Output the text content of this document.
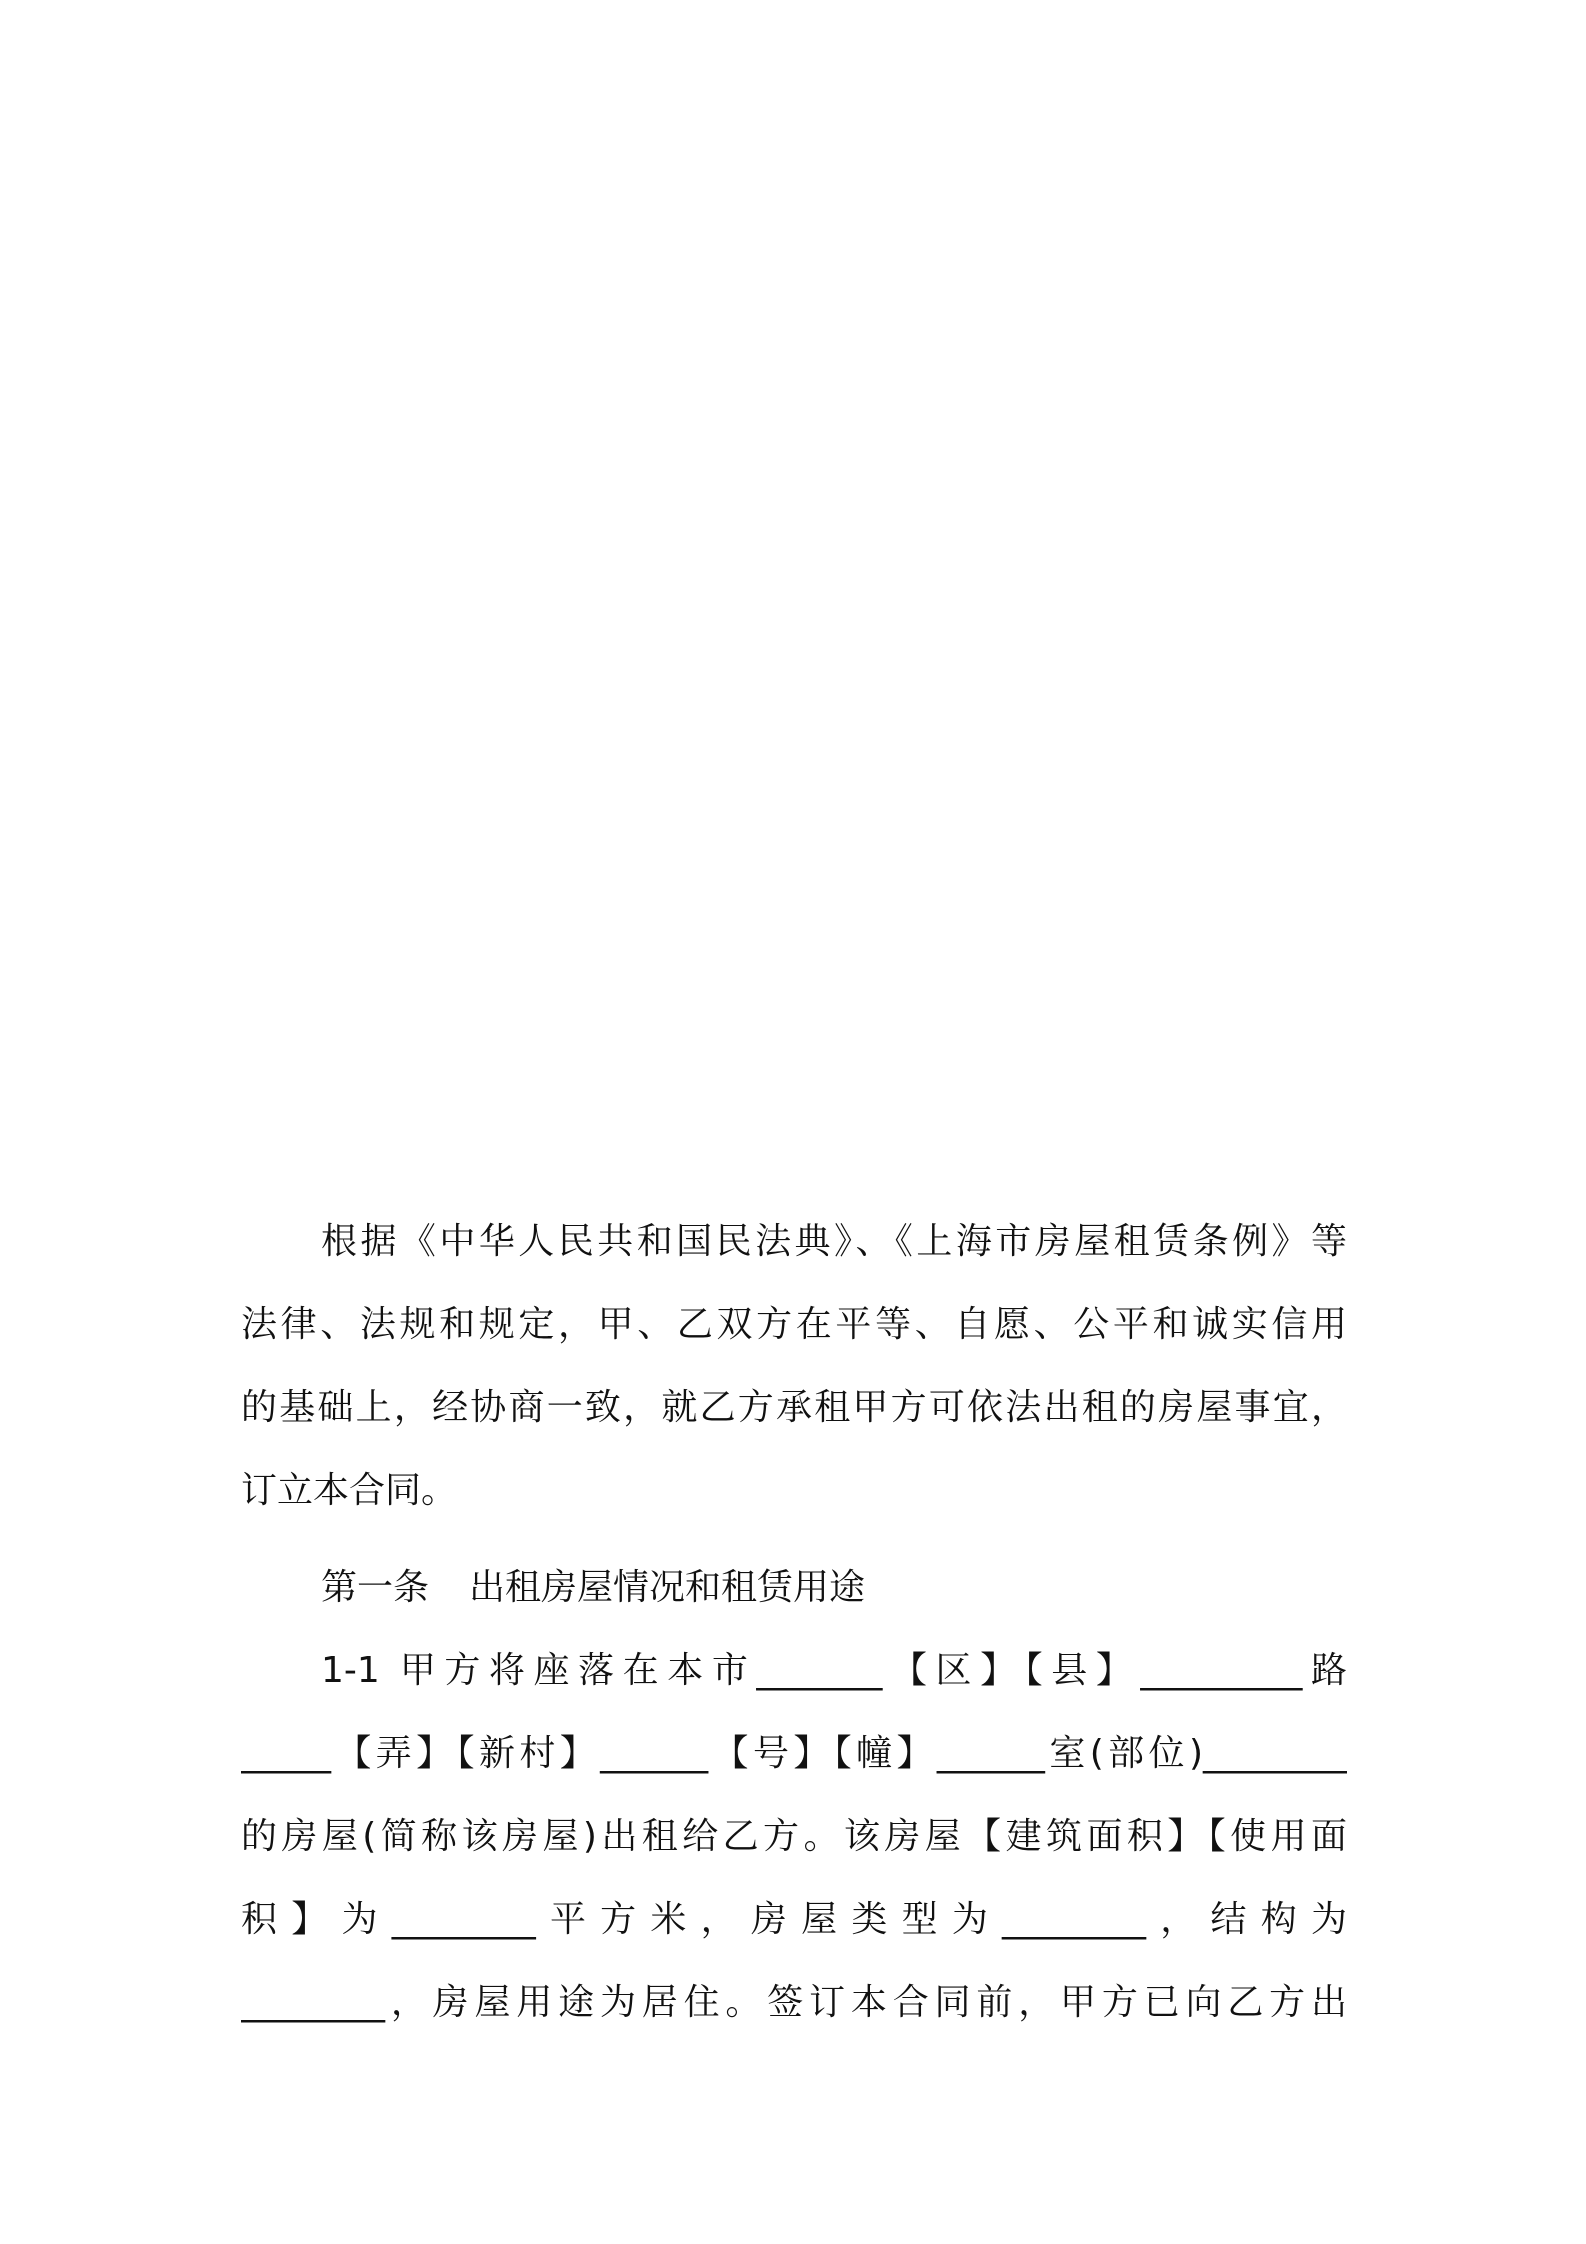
根据《中华人民共和国民法典》、《上海市房屋租赁条例》等
法律、法规和规定，甲、乙双方在平等、自愿、公平和诚实信用
的基础上，经协商一致，就乙方承租甲方可依法出租的房屋事宜，
订立本合同。
第一条 出租房屋情况和租赁用途
1-1 甲方将座落在本市_______【区】【县】_________路
_____【弄】【新村】______【号】【幢】______室(部位)________
的房屋(简称该房屋)出租给乙方。该房屋【建筑面积】【使用面
积】为________平方米，房屋类型为________，结构为
________，房屋用途为居住。签订本合同前，甲方已向乙方出
